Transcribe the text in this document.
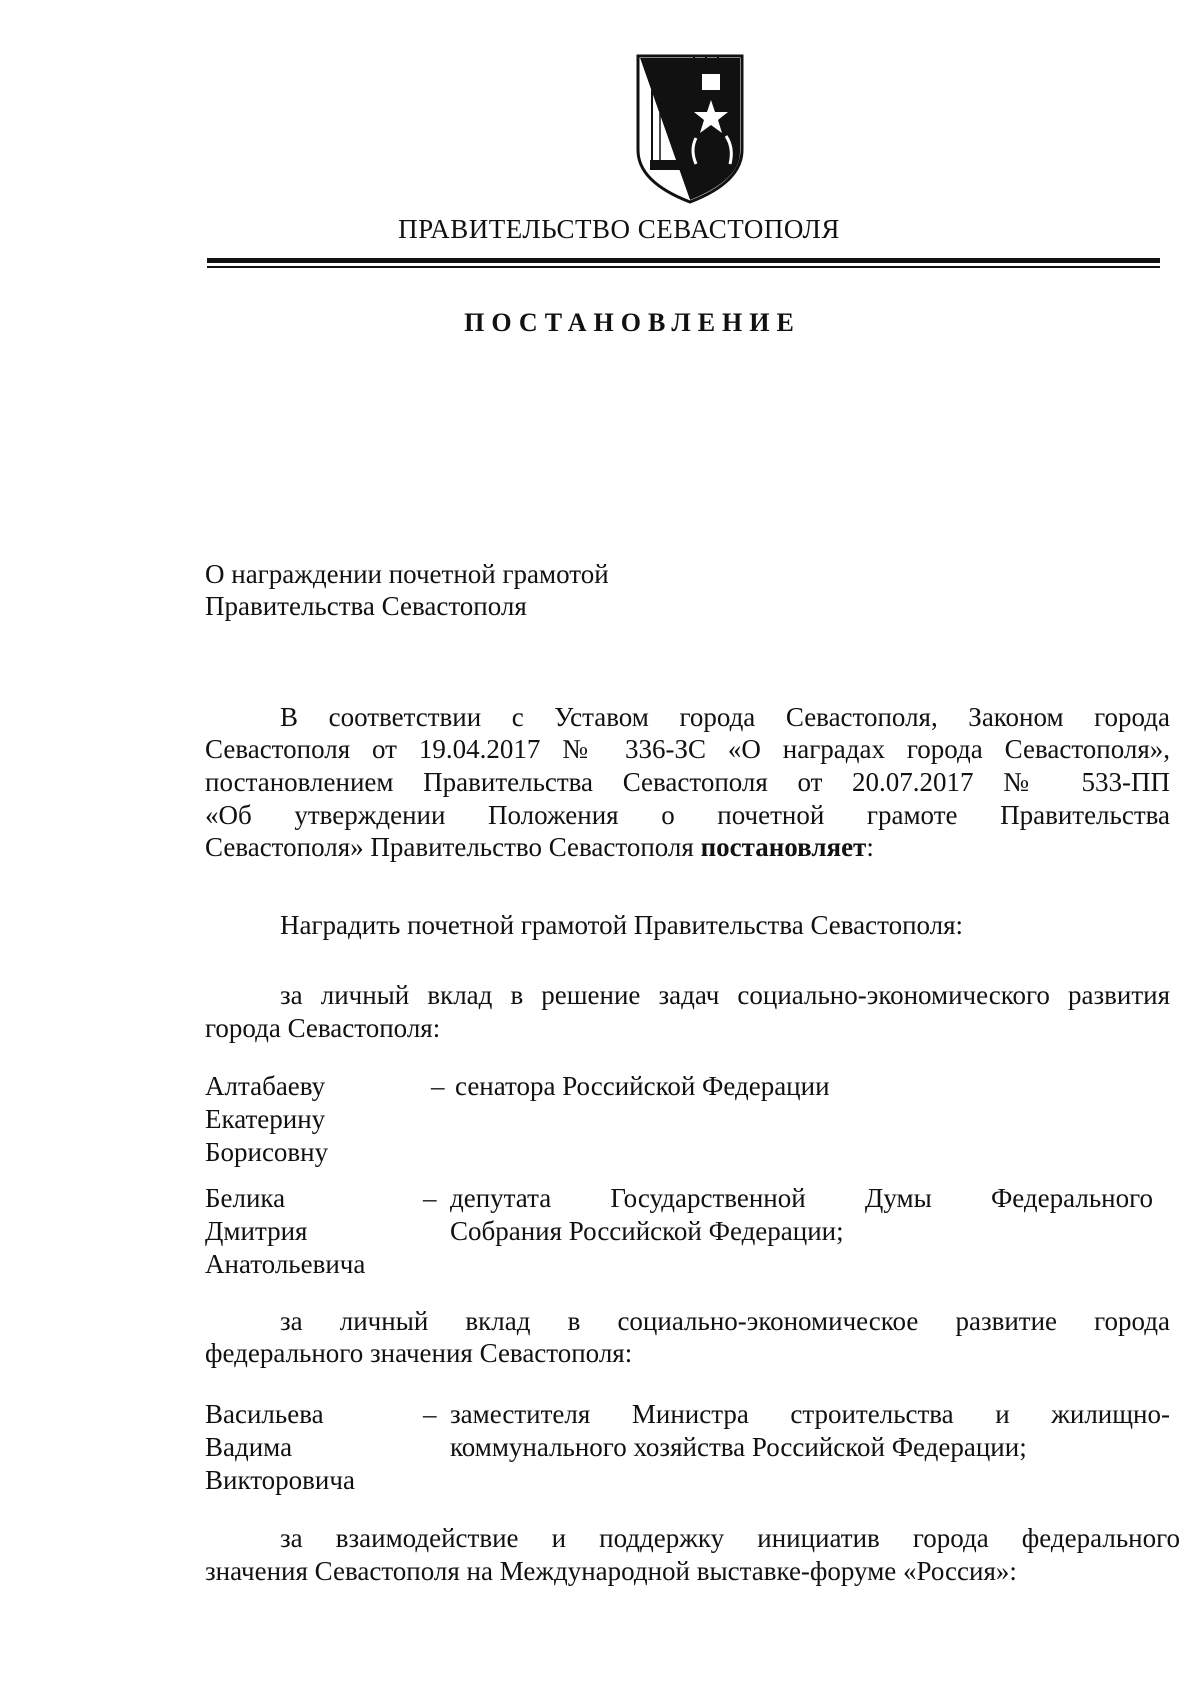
ПРАВИТЕЛЬСТВО СЕВАСТОПОЛЯ
ПОСТАНОВЛЕНИЕ
О награждении почетной грамотой
Правительства Севастополя
В соответствии с Уставом города Севастополя, Законом города
Севастополя от 19.04.2017 № 336-ЗС «О наградах города Севастополя»,
постановлением Правительства Севастополя от 20.07.2017 № 533-ПП
«Об утверждении Положения о почетной грамоте Правительства
Севастополя» Правительство Севастополя постановляет:
Наградить почетной грамотой Правительства Севастополя:
за личный вклад в решение задач социально-экономического развития
города Севастополя:
Алтабаеву
Екатерину
Борисовну
– сенатора Российской Федерации
Белика
Дмитрия
Анатольевича
– депутата Государственной Думы Федерального
Собрания Российской Федерации;
за личный вклад в социально-экономическое развитие города
федерального значения Севастополя:
Васильева
Вадима
Викторовича
– заместителя Министра строительства и жилищно-
коммунального хозяйства Российской Федерации;
за взаимодействие и поддержку инициатив города федерального
значения Севастополя на Международной выставке-форуме «Россия»:
